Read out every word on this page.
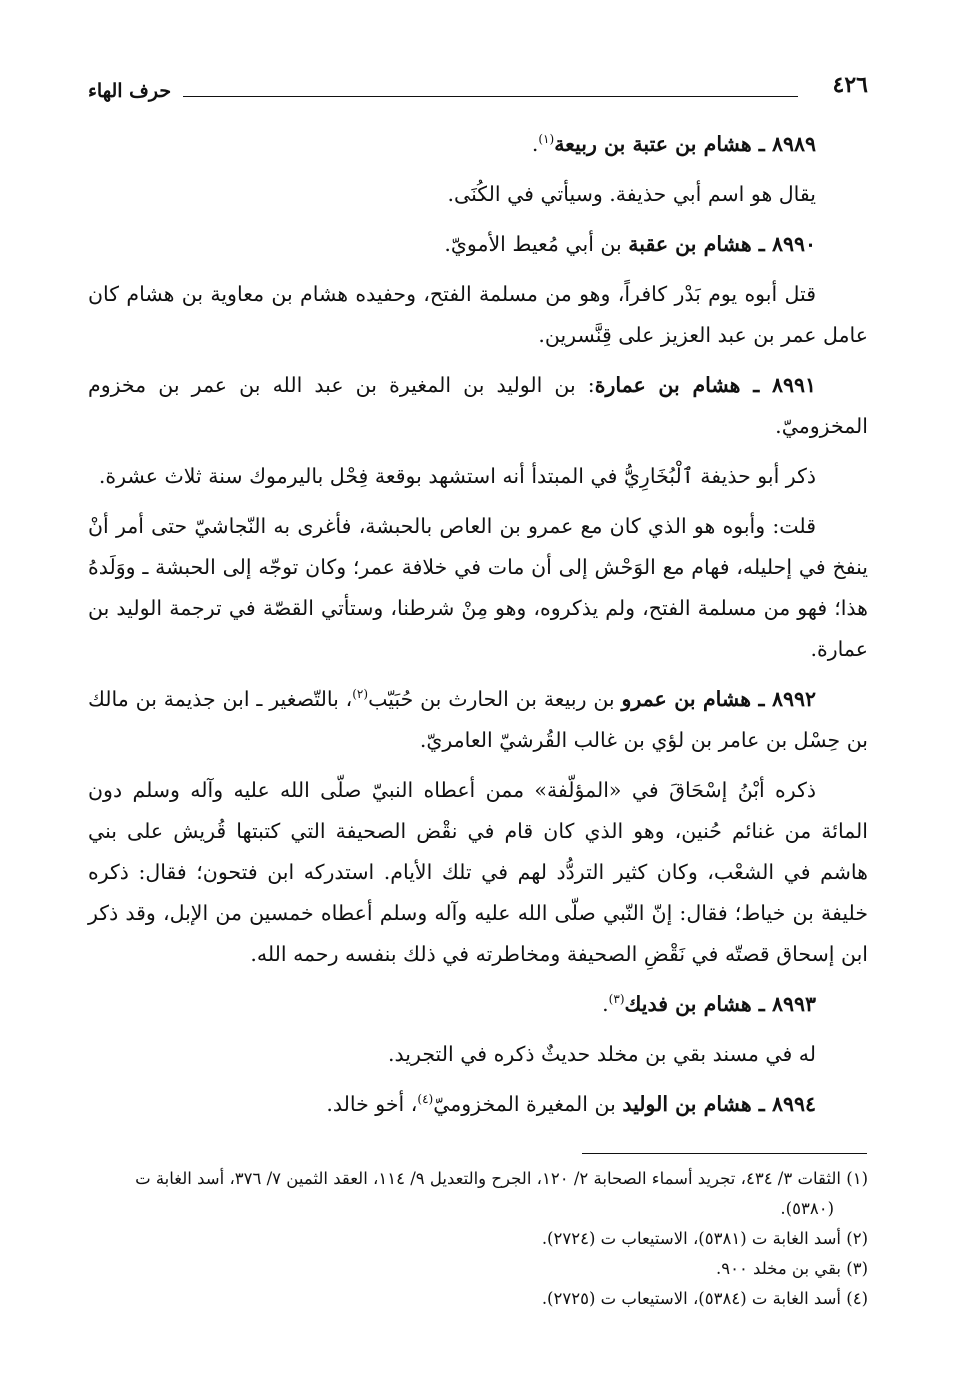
٤٢٦
حرف الهاء

٨٩٨٩ ـ هشام بن عتبة بن ربيعة$^{(١)}$.

يقال هو اسم أبي حذيفة. وسيأتي في الكُنَى.

٨٩٩٠ ـ هشام بن عقبة بن أبي مُعيط الأمويّ.

قتل أبوه يوم بَدْر كافراً، وهو من مسلمة الفتح، وحفيده هشام بن معاوية بن هشام كان عامل عمر بن عبد العزيز على قِنَّسرين.

٨٩٩١ ـ هشام بن عمارة: بن الوليد بن المغيرة بن عبد الله بن عمر بن مخزوم المخزوميّ.

ذكر أبو حذيفة ٱلْبُخَارِيُّ في المبتدأ أنه استشهد بوقعة فِحْل باليرموك سنة ثلاث عشرة.

قلت: وأبوه هو الذي كان مع عمرو بن العاص بالحبشة، فأغرى به النّجاشيّ حتى أمر أنْ ينفخ في إحليله، فهام مع الوَحْش إلى أن مات في خلافة عمر؛ وكان توجّه إلى الحبشة ـ ووَلَدهُ هذا؛ فهو من مسلمة الفتح، ولم يذكروه، وهو مِنْ شرطنا، وستأتي القصّة في ترجمة الوليد بن عمارة.

٨٩٩٢ ـ هشام بن عمرو بن ربيعة بن الحارث بن حُبَيّب$^{(٢)}$، بالتّصغير ـ ابن جذيمة بن مالك بن حِسْل بن عامر بن لؤي بن غالب القُرشيّ العامريّ.

ذكره أبْنُ إسْحَاقَ في «المؤلّفة» ممن أعطاه النبيّ صلّى الله عليه وآله وسلم دون المائة من غنائم حُنين، وهو الذي كان قام في نقْض الصحيفة التي كتبتها قُريش على بني هاشم في الشعْب، وكان كثير التردُّد لهم في تلك الأيام. استدركه ابن فتحون؛ فقال: ذكره خليفة بن خياط؛ فقال: إنّ النّبي صلّى الله عليه وآله وسلم أعطاه خمسين من الإبل، وقد ذكر ابن إسحاق قصتّه في نَقْضِ الصحيفة ومخاطرته في ذلك بنفسه رحمه الله.

٨٩٩٣ ـ هشام بن فديك$^{(٣)}$.

له في مسند بقي بن مخلد حديثٌ ذكره في التجريد.

٨٩٩٤ ـ هشام بن الوليد بن المغيرة المخزوميّ$^{(٤)}$، أخو خالد.

(١) الثقات ٣/ ٤٣٤، تجريد أسماء الصحابة ٢/ ١٢٠، الجرح والتعديل ٩/ ١١٤، العقد الثمين ٧/ ٣٧٦، أسد الغابة ت (٥٣٨٠).

(٢) أسد الغابة ت (٥٣٨١)، الاستيعاب ت (٢٧٢٤).

(٣) بقي بن مخلد ٩٠٠.

(٤) أسد الغابة ت (٥٣٨٤)، الاستيعاب ت (٢٧٢٥).
